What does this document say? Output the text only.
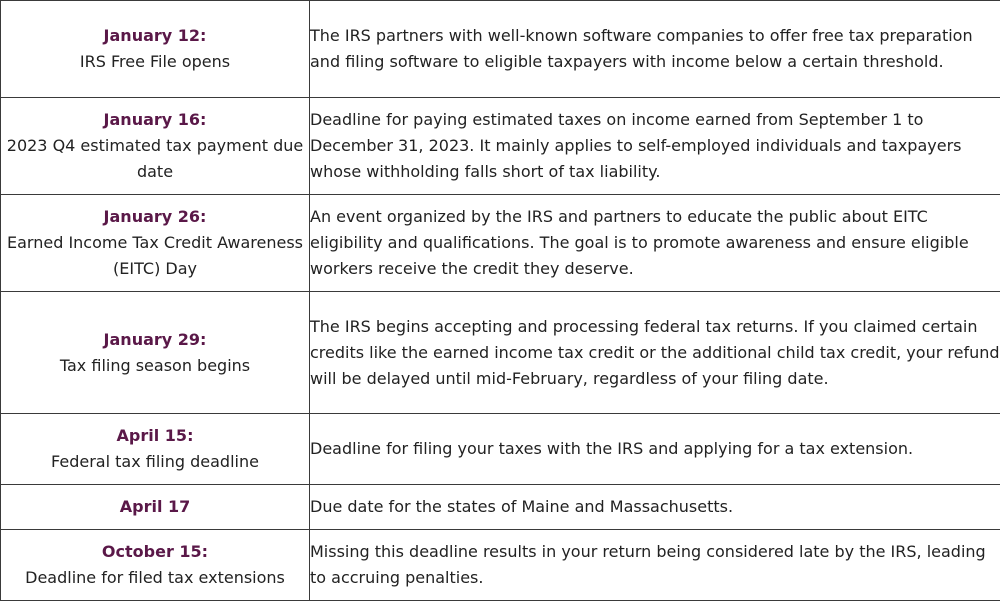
January 12:
IRS Free File opens	The IRS partners with well-known software companies to offer free tax preparation and filing software to eligible taxpayers with income below a certain threshold.

January 16:
2023 Q4 estimated tax payment due date	Deadline for paying estimated taxes on income earned from September 1 to December 31, 2023. It mainly applies to self-employed individuals and taxpayers whose withholding falls short of tax liability.

January 26:
Earned Income Tax Credit Awareness (EITC) Day	An event organized by the IRS and partners to educate the public about EITC eligibility and qualifications. The goal is to promote awareness and ensure eligible workers receive the credit they deserve.

January 29:
Tax filing season begins	The IRS begins accepting and processing federal tax returns. If you claimed certain credits like the earned income tax credit or the additional child tax credit, your refund will be delayed until mid-February, regardless of your filing date.

April 15:
Federal tax filing deadline	Deadline for filing your taxes with the IRS and applying for a tax extension.

April 17	Due date for the states of Maine and Massachusetts.

October 15:
Deadline for filed tax extensions	Missing this deadline results in your return being considered late by the IRS, leading to accruing penalties.
